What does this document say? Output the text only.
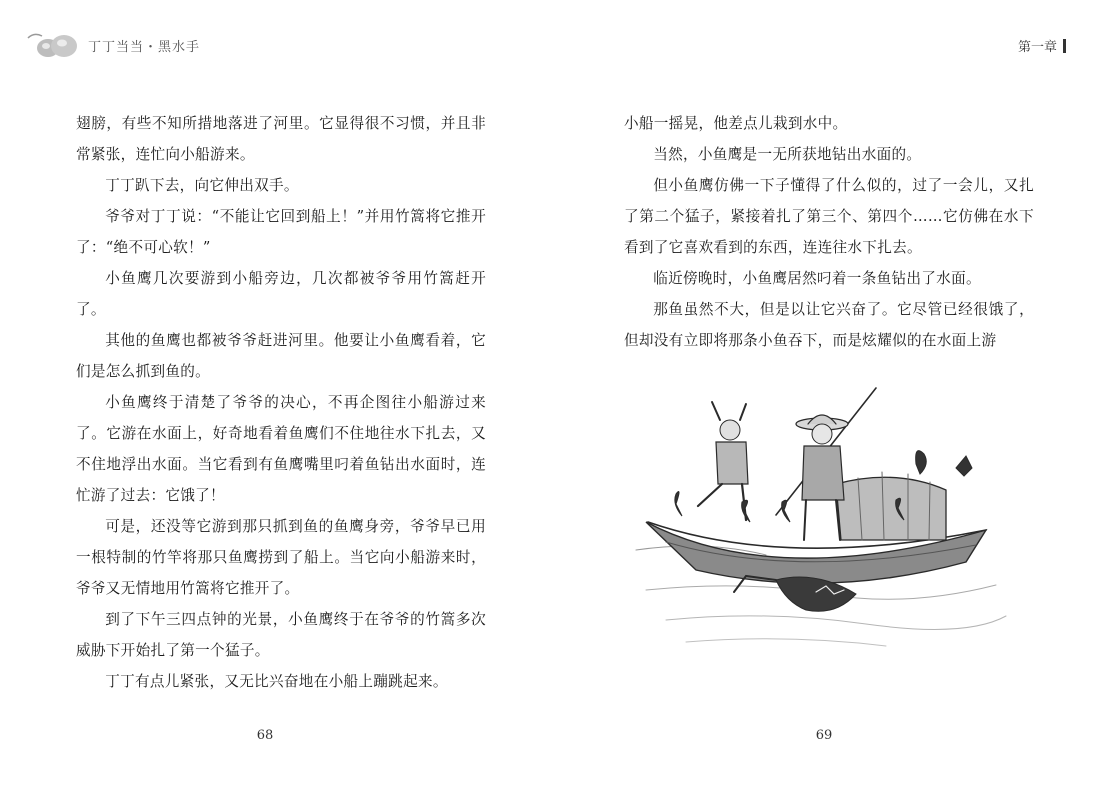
丁丁当当・黑水手

翅膀，有些不知所措地落进了河里。它显得很不习惯，并且非常紧张，连忙向小船游来。

丁丁趴下去，向它伸出双手。

爷爷对丁丁说：“不能让它回到船上！”并用竹篙将它推开了：“绝不可心软！”

小鱼鹰几次要游到小船旁边，几次都被爷爷用竹篙赶开了。

其他的鱼鹰也都被爷爷赶进河里。他要让小鱼鹰看着，它们是怎么抓到鱼的。

小鱼鹰终于清楚了爷爷的决心，不再企图往小船游过来了。它游在水面上，好奇地看着鱼鹰们不住地往水下扎去，又不住地浮出水面。当它看到有鱼鹰嘴里叼着鱼钻出水面时，连忙游了过去：它饿了！

可是，还没等它游到那只抓到鱼的鱼鹰身旁，爷爷早已用一根特制的竹竿将那只鱼鹰捞到了船上。当它向小船游来时，爷爷又无情地用竹篙将它推开了。

到了下午三四点钟的光景，小鱼鹰终于在爷爷的竹篙多次威胁下开始扎了第一个猛子。

丁丁有点儿紧张，又无比兴奋地在小船上蹦跳起来。

68
第一章

小船一摇晃，他差点儿栽到水中。

当然，小鱼鹰是一无所获地钻出水面的。

但小鱼鹰仿佛一下子懂得了什么似的，过了一会儿，又扎了第二个猛子，紧接着扎了第三个、第四个……它仿佛在水下看到了它喜欢看到的东西，连连往水下扎去。

临近傍晚时，小鱼鹰居然叼着一条鱼钻出了水面。

那鱼虽然不大，但是以让它兴奋了。它尽管已经很饿了，但却没有立即将那条小鱼吞下，而是炫耀似的在水面上游

69
